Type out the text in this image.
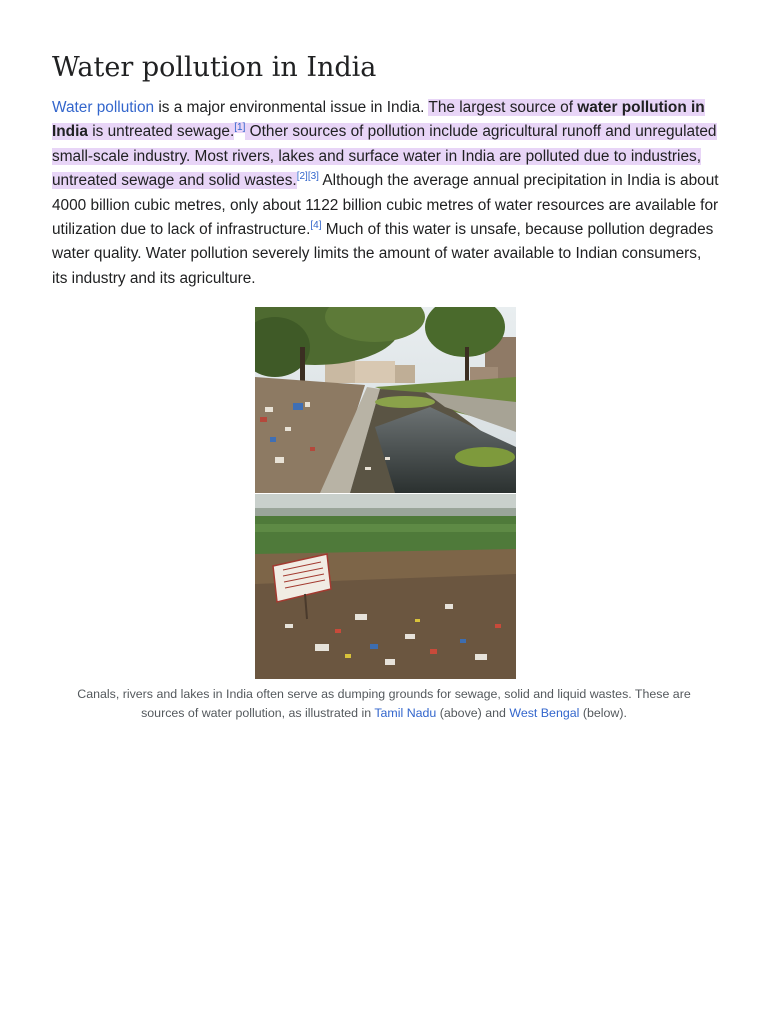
Water pollution in India

Water pollution is a major environmental issue in India. The largest source of water pollution in India is untreated sewage.[1] Other sources of pollution include agricultural runoff and unregulated small-scale industry. Most rivers, lakes and surface water in India are polluted due to industries, untreated sewage and solid wastes.[2][3] Although the average annual precipitation in India is about 4000 billion cubic metres, only about 1122 billion cubic metres of water resources are available for utilization due to lack of infrastructure.[4] Much of this water is unsafe, because pollution degrades water quality. Water pollution severely limits the amount of water available to Indian consumers, its industry and its agriculture.

Canals, rivers and lakes in India often serve as dumping grounds for sewage, solid and liquid wastes. These are sources of water pollution, as illustrated in Tamil Nadu (above) and West Bengal (below).
